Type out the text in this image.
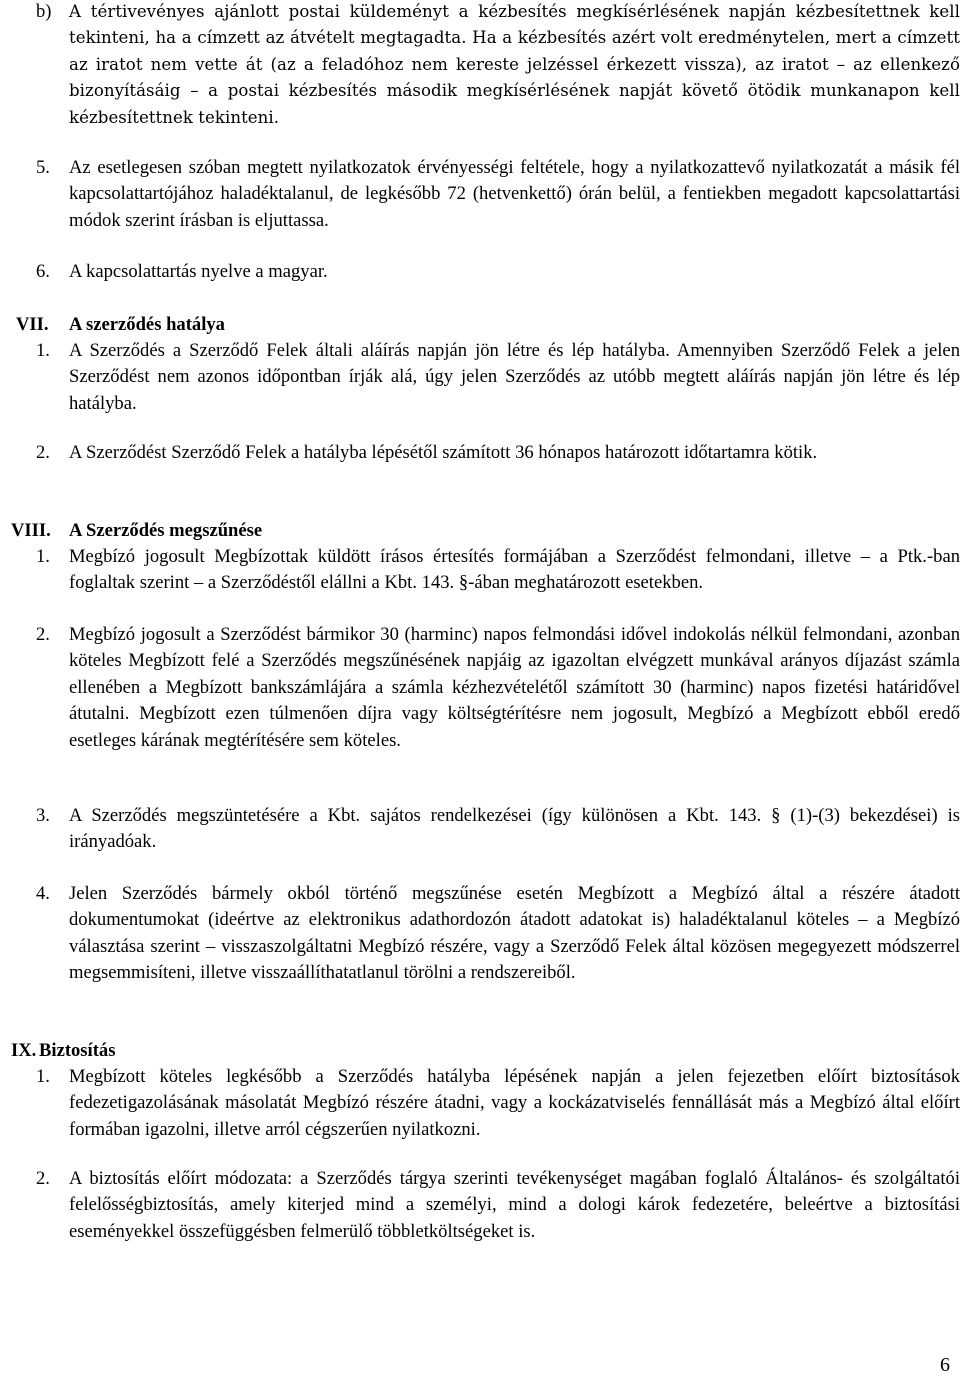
b)	A tértivevényes ajánlott postai küldeményt a kézbesítés megkísérlésének napján kézbesítettnek kell tekinteni, ha a címzett az átvételt megtagadta. Ha a kézbesítés azért volt eredménytelen, mert a címzett az iratot nem vette át (az a feladóhoz nem kereste jelzéssel érkezett vissza), az iratot – az ellenkező bizonyításáig – a postai kézbesítés második megkísérlésének napját követő ötödik munkanapon kell kézbesítettnek tekinteni.
5.	Az esetlegesen szóban megtett nyilatkozatok érvényességi feltétele, hogy a nyilatkozattevő nyilatkozatát a másik fél kapcsolattartójához haladéktalanul, de legkésőbb 72 (hetvenkettő) órán belül, a fentiekben megadott kapcsolattartási módok szerint írásban is eljuttassa.
6.	A kapcsolattartás nyelve a magyar.
VII.	A szerződés hatálya
1.	A Szerződés a Szerződő Felek általi aláírás napján jön létre és lép hatályba. Amennyiben Szerződő Felek a jelen Szerződést nem azonos időpontban írják alá, úgy jelen Szerződés az utóbb megtett aláírás napján jön létre és lép hatályba.
2.	A Szerződést Szerződő Felek a hatályba lépésétől számított 36 hónapos határozott időtartamra kötik.
VIII. A Szerződés megszűnése
1.	Megbízó jogosult Megbízottak küldött írásos értesítés formájában a Szerződést felmondani, illetve – a Ptk.-ban foglaltak szerint – a Szerződéstől elállni a Kbt. 143. §-ában meghatározott esetekben.
2.	Megbízó jogosult a Szerződést bármikor 30 (harminc) napos felmondási idővel indokolás nélkül felmondani, azonban köteles Megbízott felé a Szerződés megszűnésének napjáig az igazoltan elvégzett munkával arányos díjazást számla ellenében a Megbízott bankszámlájára a számla kézhezvételétől számított 30 (harminc) napos fizetési határidővel átutalni. Megbízott ezen túlmenően díjra vagy költségtérítésre nem jogosult, Megbízó a Megbízott ebből eredő esetleges kárának megtérítésére sem köteles.
3.	A Szerződés megszüntetésére a Kbt. sajátos rendelkezései (így különösen a Kbt. 143. § (1)-(3) bekezdései) is irányadóak.
4.	Jelen Szerződés bármely okból történő megszűnése esetén Megbízott a Megbízó által a részére átadott dokumentumokat (ideértve az elektronikus adathordozón átadott adatokat is) haladéktalanul köteles – a Megbízó választása szerint – visszaszolgáltatni Megbízó részére, vagy a Szerződő Felek által közösen megegyezett módszerrel megsemmisíteni, illetve visszaállíthatatlanul törölni a rendszereiből.
IX. Biztosítás
1.	Megbízott köteles legkésőbb a Szerződés hatályba lépésének napján a jelen fejezetben előírt biztosítások fedezetigazolásának másolatát Megbízó részére átadni, vagy a kockázatviselés fennállását más a Megbízó által előírt formában igazolni, illetve arról cégszerűen nyilatkozni.
2.	A biztosítás előírt módozata: a Szerződés tárgya szerinti tevékenységet magában foglaló Általános- és szolgáltatói felelősségbiztosítás, amely kiterjed mind a személyi, mind a dologi károk fedezetére, beleértve a biztosítási eseményekkel összefüggésben felmerülő többletköltségeket is.
6
